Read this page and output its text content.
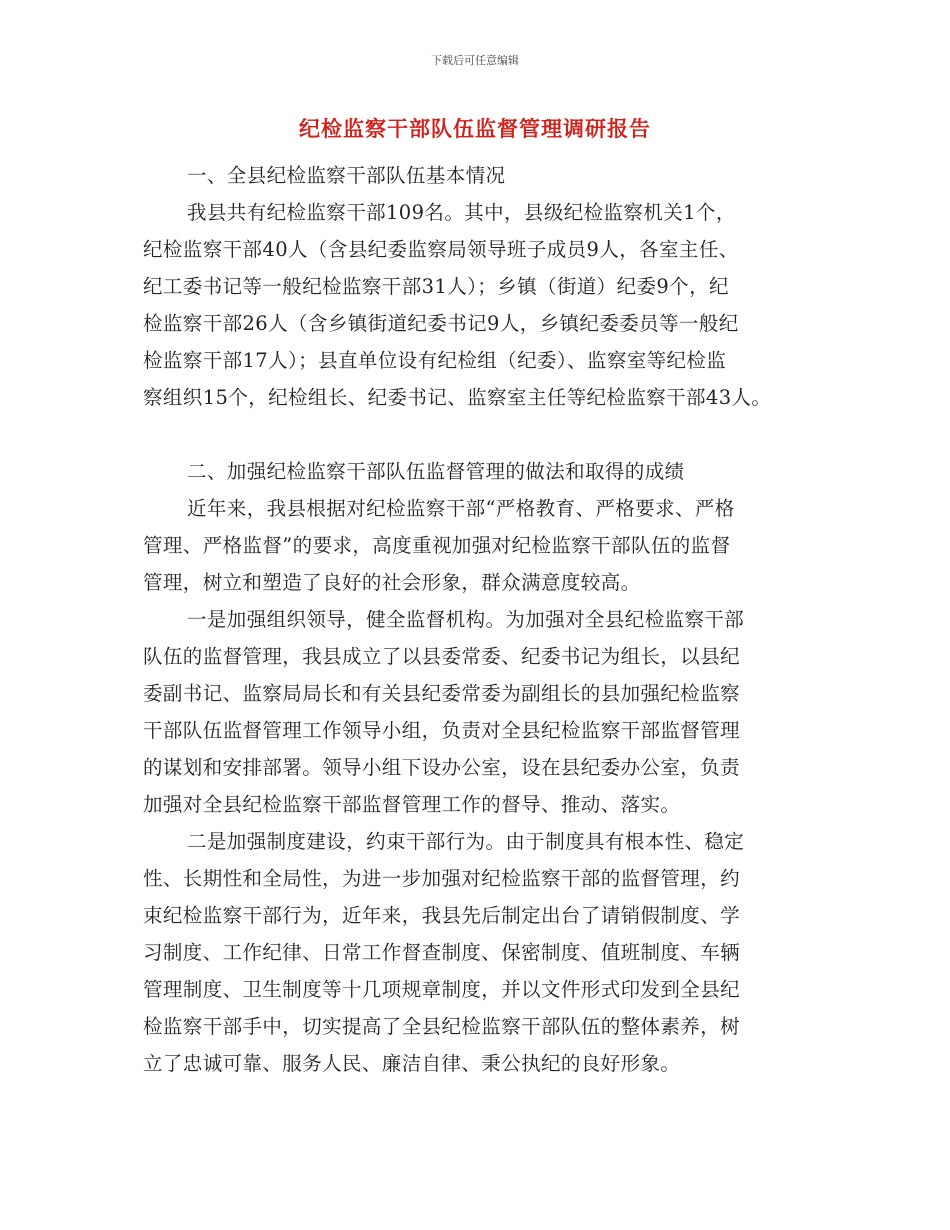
下载后可任意编辑
纪检监察干部队伍监督管理调研报告
一、全县纪检监察干部队伍基本情况
我县共有纪检监察干部109名。其中，县级纪检监察机关1个，
纪检监察干部40人（含县纪委监察局领导班子成员9人，各室主任、
纪工委书记等一般纪检监察干部31人）；乡镇（街道）纪委9个，纪
检监察干部26人（含乡镇街道纪委书记9人，乡镇纪委委员等一般纪
检监察干部17人）；县直单位设有纪检组（纪委）、监察室等纪检监
察组织15个，纪检组长、纪委书记、监察室主任等纪检监察干部43人。
二、加强纪检监察干部队伍监督管理的做法和取得的成绩
近年来，我县根据对纪检监察干部“严格教育、严格要求、严格
管理、严格监督”的要求，高度重视加强对纪检监察干部队伍的监督
管理，树立和塑造了良好的社会形象，群众满意度较高。
一是加强组织领导，健全监督机构。为加强对全县纪检监察干部
队伍的监督管理，我县成立了以县委常委、纪委书记为组长，以县纪
委副书记、监察局局长和有关县纪委常委为副组长的县加强纪检监察
干部队伍监督管理工作领导小组，负责对全县纪检监察干部监督管理
的谋划和安排部署。领导小组下设办公室，设在县纪委办公室，负责
加强对全县纪检监察干部监督管理工作的督导、推动、落实。
二是加强制度建设，约束干部行为。由于制度具有根本性、稳定
性、长期性和全局性，为进一步加强对纪检监察干部的监督管理，约
束纪检监察干部行为，近年来，我县先后制定出台了请销假制度、学
习制度、工作纪律、日常工作督查制度、保密制度、值班制度、车辆
管理制度、卫生制度等十几项规章制度，并以文件形式印发到全县纪
检监察干部手中，切实提高了全县纪检监察干部队伍的整体素养，树
立了忠诚可靠、服务人民、廉洁自律、秉公执纪的良好形象。
